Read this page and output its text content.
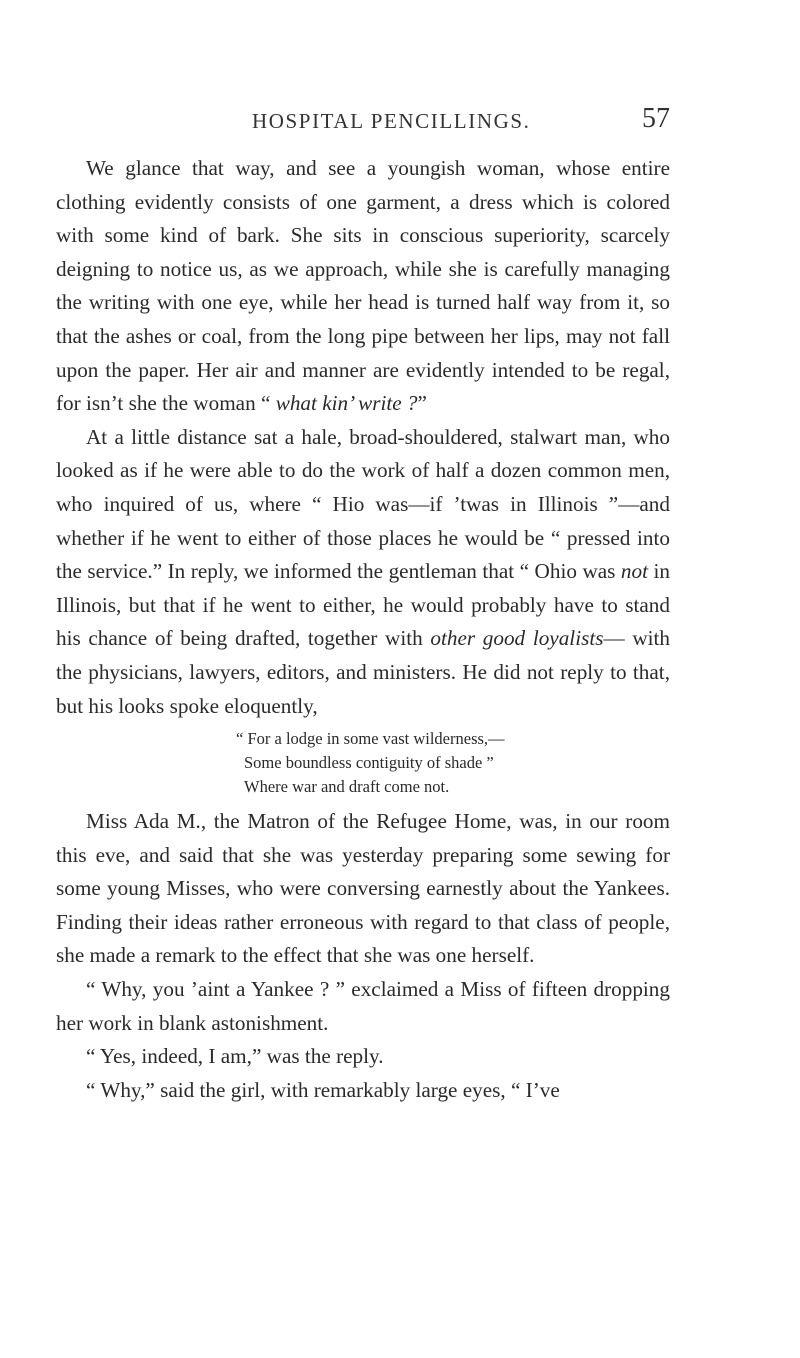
HOSPITAL PENCILLINGS.	57

We glance that way, and see a youngish woman, whose entire clothing evidently consists of one garment, a dress which is colored with some kind of bark. She sits in conscious superiority, scarcely deigning to notice us, as we approach, while she is carefully managing the writing with one eye, while her head is turned half way from it, so that the ashes or coal, from the long pipe between her lips, may not fall upon the paper. Her air and manner are evidently intended to be regal, for isn’t she the woman “ what kin’ write ?”

At a little distance sat a hale, broad-shouldered, stalwart man, who looked as if he were able to do the work of half a dozen common men, who inquired of us, where “ Hio was—if ’twas in Illinois ”—and whether if he went to either of those places he would be “ pressed into the service.” In reply, we informed the gentleman that “ Ohio was not in Illinois, but that if he went to either, he would probably have to stand his chance of being drafted, together with other good loyalists— with the physicians, lawyers, editors, and ministers. He did not reply to that, but his looks spoke eloquently,

“ For a lodge in some vast wilderness,—
Some boundless contiguity of shade ”
Where war and draft come not.

Miss Ada M., the Matron of the Refugee Home, was, in our room this eve, and said that she was yesterday preparing some sewing for some young Misses, who were conversing earnestly about the Yankees. Finding their ideas rather erroneous with regard to that class of people, she made a remark to the effect that she was one herself.

“ Why, you ’aint a Yankee ? ” exclaimed a Miss of fifteen dropping her work in blank astonishment.

“ Yes, indeed, I am,” was the reply.

“ Why,” said the girl, with remarkably large eyes, “ I’ve
